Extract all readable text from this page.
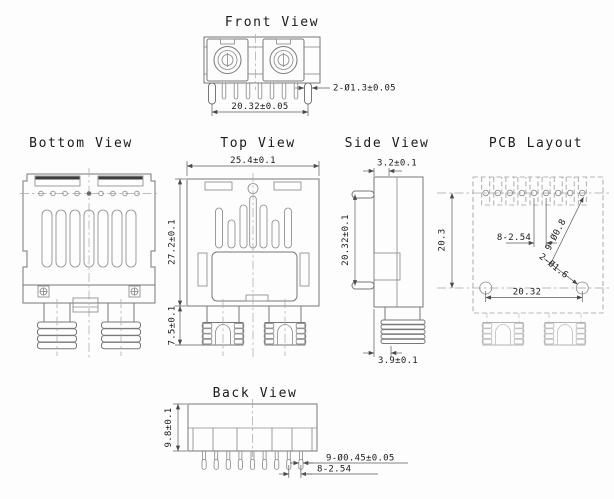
Front View
20.32±0.05
2-Ø1.3±0.05
Bottom View	Top View
25.4±0.1
27.2±0.1
7.5±0.1
Side View
3.2±0.1
20.32±0.1
3.9±0.1
PCB Layout
20.3	8-2.54
20.32
9-Ø0.8
2-Ø1.6
Back View
9.8±0.1
9-Ø0.45±0.05
8-2.54
